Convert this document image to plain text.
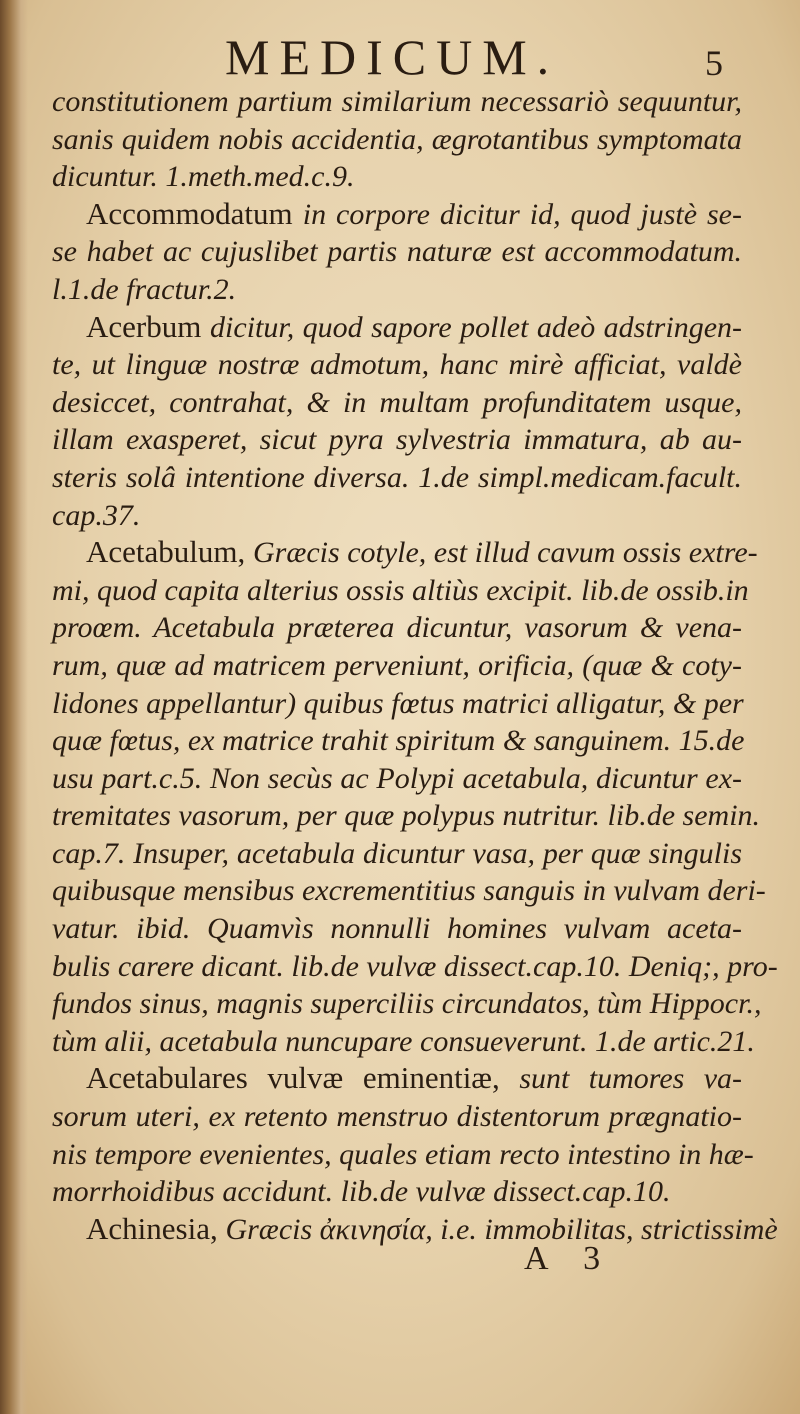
MEDICUM.	5
constitutionem partium similarium necessariò sequuntur,
sanis quidem nobis accidentia, ægrotantibus symptomata
dicuntur. 1.meth.med.c.9.
Accommodatum in corpore dicitur id, quod justè se-
se habet ac cujuslibet partis naturæ est accommodatum.
l.1.de fractur.2.
Acerbum dicitur, quod sapore pollet adeò adstringen-
te, ut linguæ nostræ admotum, hanc mirè afficiat, valdè
desiccet, contrahat, & in multam profunditatem usque,
illam exasperet, sicut pyra sylvestria immatura, ab au-
steris solâ intentione diversa. 1.de simpl.medicam.facult.
cap.37.
Acetabulum, Græcis cotyle, est illud cavum ossis extre-
mi, quod capita alterius ossis altiùs excipit. lib.de ossib.in
proœm. Acetabula præterea dicuntur, vasorum & vena-
rum, quæ ad matricem perveniunt, orificia, (quæ & coty-
lidones appellantur) quibus fœtus matrici alligatur, & per
quæ fœtus, ex matrice trahit spiritum & sanguinem. 15.de
usu part.c.5. Non secùs ac Polypi acetabula, dicuntur ex-
tremitates vasorum, per quæ polypus nutritur. lib.de semin.
cap.7. Insuper, acetabula dicuntur vasa, per quæ singulis
quibusque mensibus excrementitius sanguis in vulvam deri-
vatur. ibid. Quamvìs nonnulli homines vulvam aceta-
bulis carere dicant. lib.de vulvæ dissect.cap.10. Deniq;, pro-
fundos sinus, magnis superciliis circundatos, tùm Hippocr.,
tùm alii, acetabula nuncupare consueverunt. 1.de artic.21.
Acetabulares vulvæ eminentiæ, sunt tumores va-
sorum uteri, ex retento menstruo distentorum prægnatio-
nis tempore evenientes, quales etiam recto intestino in hæ-
morrhoidibus accidunt. lib.de vulvæ dissect.cap.10.
Achinesia, Græcis ἀκινησία, i.e. immobilitas, strictissimè
A 3
